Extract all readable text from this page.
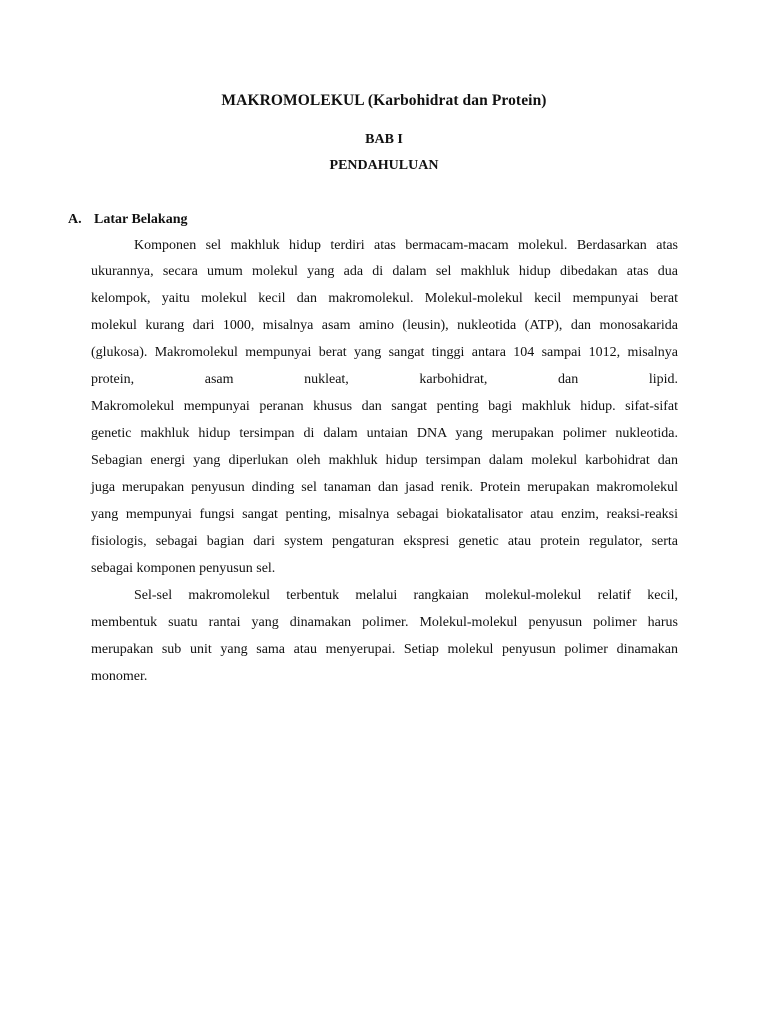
MAKROMOLEKUL (Karbohidrat dan Protein)
BAB I
PENDAHULUAN
A. Latar Belakang
Komponen sel makhluk hidup terdiri atas bermacam-macam molekul. Berdasarkan atas
ukurannya, secara umum molekul yang ada di dalam sel makhluk hidup dibedakan atas dua
kelompok, yaitu molekul kecil dan makromolekul. Molekul-molekul kecil mempunyai berat
molekul kurang dari 1000, misalnya asam amino (leusin), nukleotida (ATP), dan monosakarida
(glukosa). Makromolekul mempunyai berat yang sangat tinggi antara 104 sampai 1012, misalnya
protein, asam nukleat, karbohidrat, dan lipid.
Makromolekul mempunyai peranan khusus dan sangat penting bagi makhluk hidup. sifat-sifat
genetic makhluk hidup tersimpan di dalam untaian DNA yang merupakan polimer nukleotida.
Sebagian energi yang diperlukan oleh makhluk hidup tersimpan dalam molekul karbohidrat dan
juga merupakan penyusun dinding sel tanaman dan jasad renik. Protein merupakan makromolekul
yang mempunyai fungsi sangat penting, misalnya sebagai biokatalisator atau enzim, reaksi-reaksi
fisiologis, sebagai bagian dari system pengaturan ekspresi genetic atau protein regulator, serta
sebagai komponen penyusun sel.
Sel-sel makromolekul terbentuk melalui rangkaian molekul-molekul relatif kecil,
membentuk suatu rantai yang dinamakan polimer. Molekul-molekul penyusun polimer harus
merupakan sub unit yang sama atau menyerupai. Setiap molekul penyusun polimer dinamakan
monomer.
